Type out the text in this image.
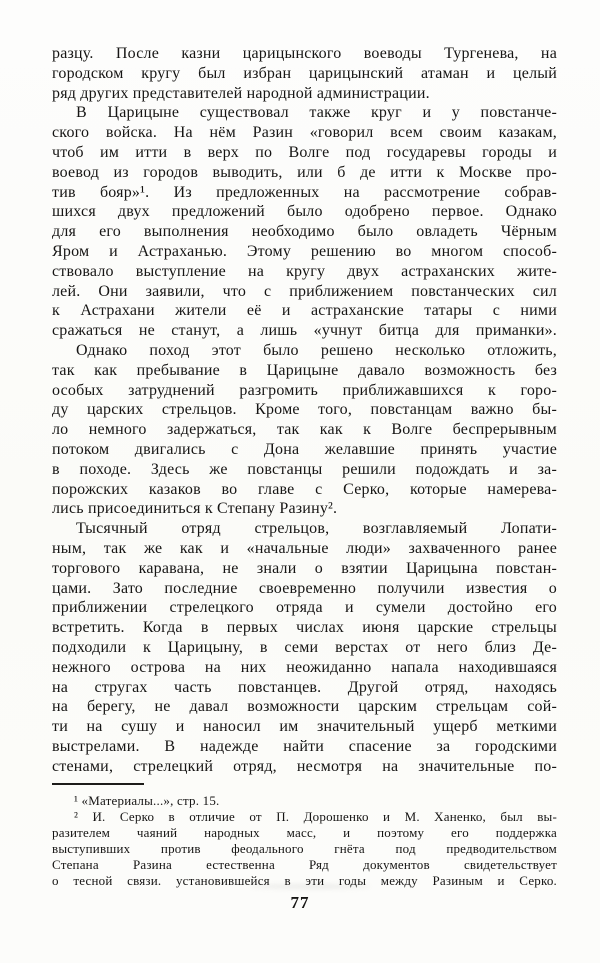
разцу. После казни царицынского воеводы Тургенева, на
городском кругу был избран царицынский атаман и целый
ряд других представителей народной администрации.
В Царицыне существовал также круг и у повстанче-
ского войска. На нём Разин «говорил всем своим казакам,
чтоб им итти в верх по Волге под государевы городы и
воевод из городов выводить, или б де итти к Москве про-
тив бояр»¹. Из предложенных на рассмотрение собрав-
шихся двух предложений было одобрено первое. Однако
для его выполнения необходимо было овладеть Чёрным
Яром и Астраханью. Этому решению во многом способ-
ствовало выступление на кругу двух астраханских жите-
лей. Они заявили, что с приближением повстанческих сил
к Астрахани жители её и астраханские татары с ними
сражаться не станут, а лишь «учнут битца для приманки».
Однако поход этот было решено несколько отложить,
так как пребывание в Царицыне давало возможность без
особых затруднений разгромить приближавшихся к горо-
ду царских стрельцов. Кроме того, повстанцам важно бы-
ло немного задержаться, так как к Волге беспрерывным
потоком двигались с Дона желавшие принять участие
в походе. Здесь же повстанцы решили подождать и за-
порожских казаков во главе с Серко, которые намерева-
лись присоединиться к Степану Разину².
Тысячный отряд стрельцов, возглавляемый Лопати-
ным, так же как и «начальные люди» захваченного ранее
торгового каравана, не знали о взятии Царицына повстан-
цами. Зато последние своевременно получили известия о
приближении стрелецкого отряда и сумели достойно его
встретить. Когда в первых числах июня царские стрельцы
подходили к Царицыну, в семи верстах от него близ Де-
нежного острова на них неожиданно напала находившаяся
на стругах часть повстанцев. Другой отряд, находясь
на берегу, не давал возможности царским стрельцам сой-
ти на сушу и наносил им значительный ущерб меткими
выстрелами. В надежде найти спасение за городскими
стенами, стрелецкий отряд, несмотря на значительные по-
¹ «Материалы...», стр. 15.
² И. Серко в отличие от П. Дорошенко и М. Ханенко, был вы-
разителем чаяний народных масс, и поэтому его поддержка
выступивших против феодального гнёта под предводительством
Степана Разина естественна Ряд документов свидетельствует
о тесной связи. установившейся в эти годы между Разиным и Серко.
77
